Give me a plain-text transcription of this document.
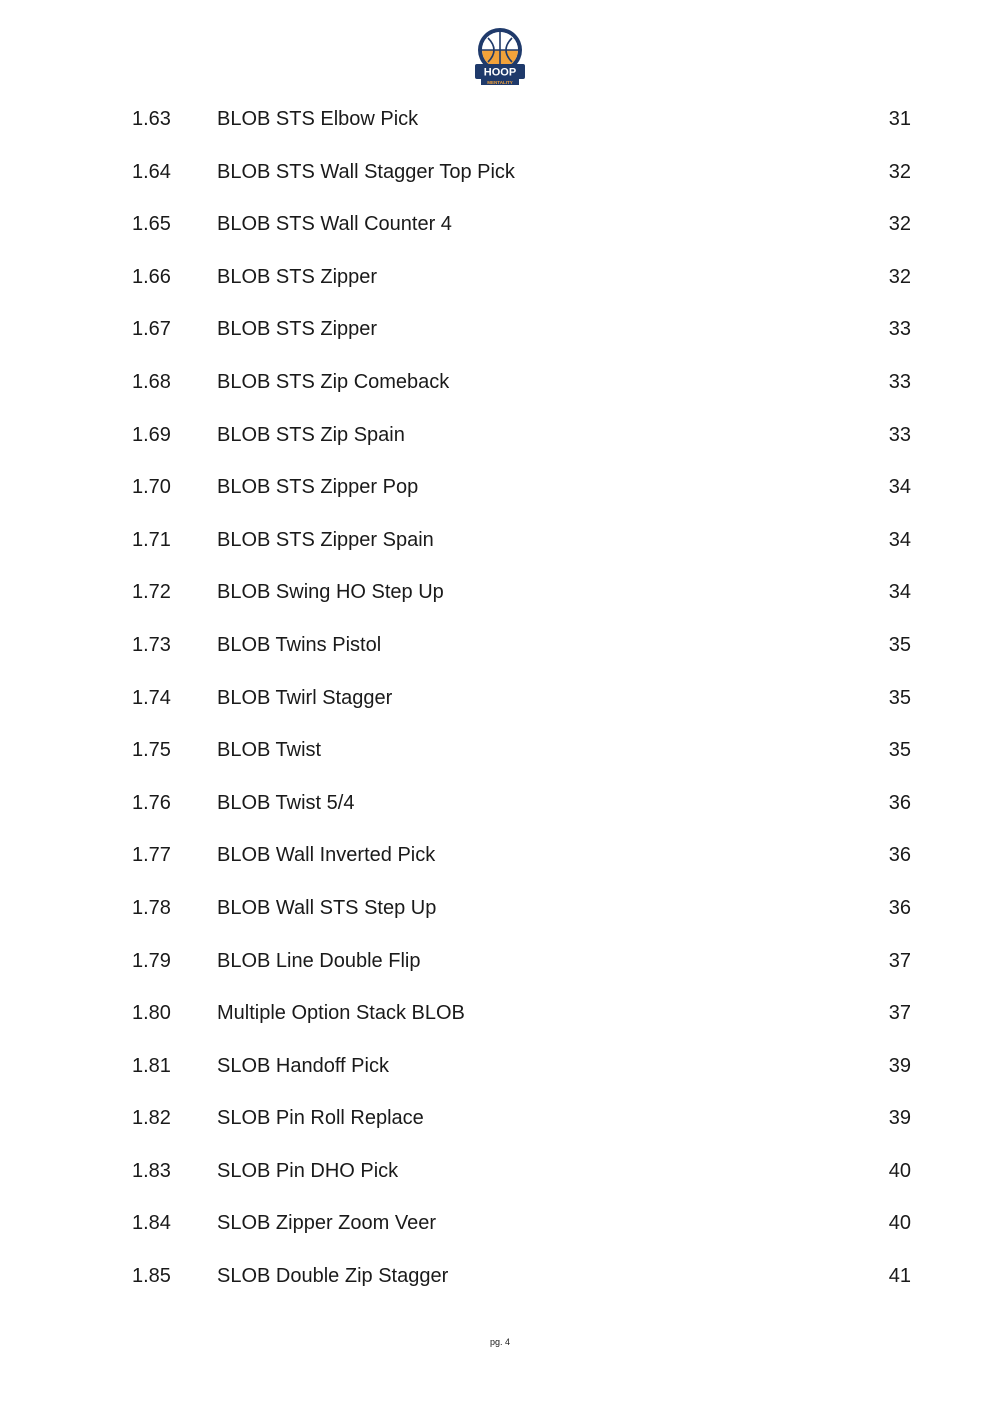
HOOP
MENTALITY
1.63 BLOB STS Elbow Pick	31
1.64 BLOB STS Wall Stagger Top Pick	32
1.65 BLOB STS Wall Counter 4	32
1.66 BLOB STS Zipper	32
1.67 BLOB STS Zipper	33
1.68 BLOB STS Zip Comeback	33
1.69 BLOB STS Zip Spain	33
1.70 BLOB STS Zipper Pop	34
1.71 BLOB STS Zipper Spain	34
1.72 BLOB Swing HO Step Up	34
1.73 BLOB Twins Pistol	35
1.74 BLOB Twirl Stagger	35
1.75 BLOB Twist	35
1.76 BLOB Twist 5/4	36
1.77 BLOB Wall Inverted Pick	36
1.78 BLOB Wall STS Step Up	36
1.79 BLOB Line Double Flip	37
1.80 Multiple Option Stack BLOB	37
1.81 SLOB Handoff Pick	39
1.82 SLOB Pin Roll Replace	39
1.83 SLOB Pin DHO Pick	40
1.84 SLOB Zipper Zoom Veer	40
1.85 SLOB Double Zip Stagger	41
pg. 4
